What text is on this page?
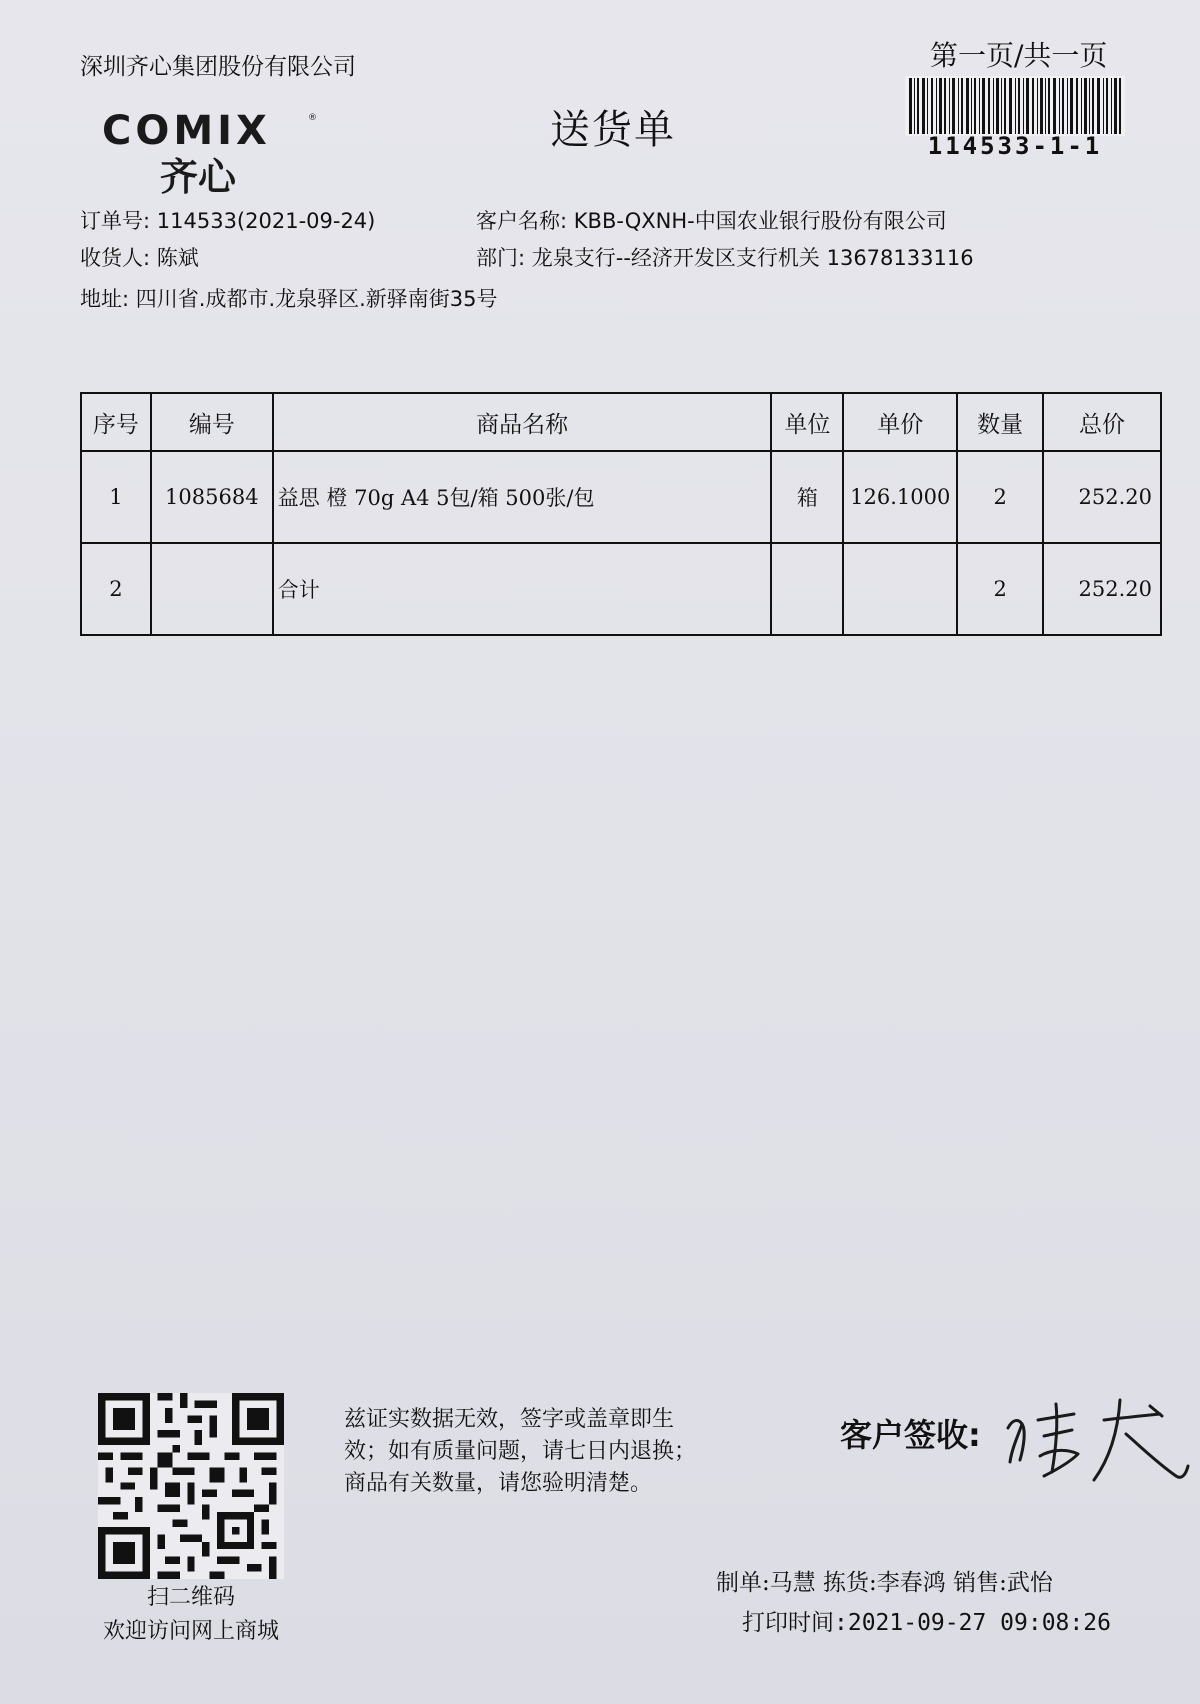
深圳齐心集团股份有限公司
COMIX	®
齐心
送货单
第一页/共一页
114533-1-1
订单号: 114533(2021-09-24)	客户名称: KBB-QXNH-中国农业银行股份有限公司
收货人: 陈斌	部门: 龙泉支行--经济开发区支行机关 13678133116
地址: 四川省.成都市.龙泉驿区.新驿南街35号
序号	编号	商品名称	单位	单价	数量	总价
1	1085684	益思 橙 70g A4 5包/箱 500张/包	箱	126.1000	2	252.20
2		合计			2	252.20
扫二维码
欢迎访问网上商城
兹证实数据无效，签字或盖章即生
效；如有质量问题，请七日内退换；
商品有关数量，请您验明清楚。
客户签收:
制单:马慧 拣货:李春鸿 销售:武怡
打印时间:2021-09-27 09:08:26
